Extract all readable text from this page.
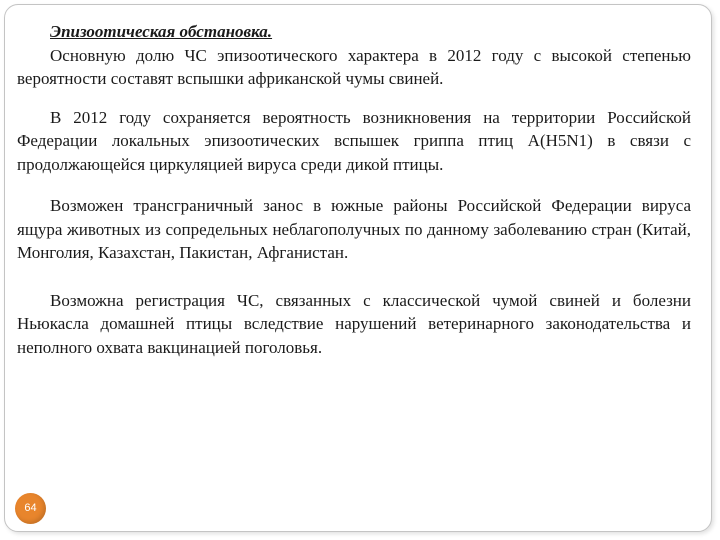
Эпизоотическая обстановка.

Основную долю ЧС эпизоотического характера в 2012 году с высокой степенью вероятности составят вспышки африканской чумы свиней.

В 2012 году сохраняется вероятность возникновения на территории Российской Федерации локальных эпизоотических вспышек гриппа птиц A(H5N1) в связи с продолжающейся циркуляцией вируса среди дикой птицы.

Возможен трансграничный занос в южные районы Российской Федерации вируса ящура животных из сопредельных неблагополучных по данному заболеванию стран (Китай, Монголия, Казахстан, Пакистан, Афганистан.

Возможна регистрация ЧС, связанных с классической чумой свиней и болезни Ньюкасла домашней птицы вследствие нарушений ветеринарного законодательства и неполного охвата вакцинацией поголовья.

64
